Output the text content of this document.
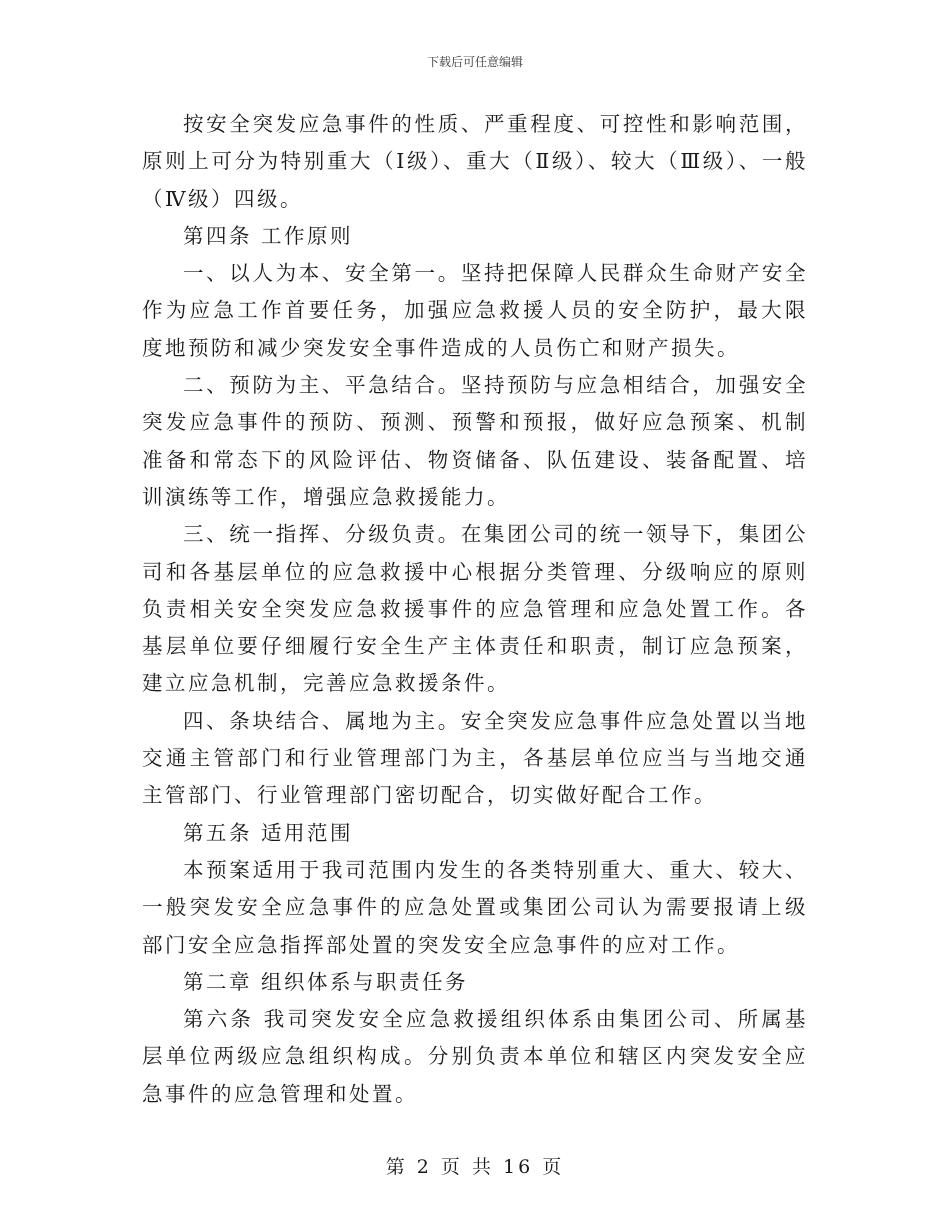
下载后可任意编辑

按安全突发应急事件的性质、严重程度、可控性和影响范围，原则上可分为特别重大（Ⅰ级）、重大（Ⅱ级）、较大（Ⅲ级）、一般（Ⅳ级）四级。

第四条 工作原则

一、以人为本、安全第一。坚持把保障人民群众生命财产安全作为应急工作首要任务，加强应急救援人员的安全防护，最大限度地预防和减少突发安全事件造成的人员伤亡和财产损失。

二、预防为主、平急结合。坚持预防与应急相结合，加强安全突发应急事件的预防、预测、预警和预报，做好应急预案、机制准备和常态下的风险评估、物资储备、队伍建设、装备配置、培训演练等工作，增强应急救援能力。

三、统一指挥、分级负责。在集团公司的统一领导下，集团公司和各基层单位的应急救援中心根据分类管理、分级响应的原则负责相关安全突发应急救援事件的应急管理和应急处置工作。各基层单位要仔细履行安全生产主体责任和职责，制订应急预案，建立应急机制，完善应急救援条件。

四、条块结合、属地为主。安全突发应急事件应急处置以当地交通主管部门和行业管理部门为主，各基层单位应当与当地交通主管部门、行业管理部门密切配合，切实做好配合工作。

第五条 适用范围

本预案适用于我司范围内发生的各类特别重大、重大、较大、一般突发安全应急事件的应急处置或集团公司认为需要报请上级部门安全应急指挥部处置的突发安全应急事件的应对工作。

第二章 组织体系与职责任务

第六条 我司突发安全应急救援组织体系由集团公司、所属基层单位两级应急组织构成。分别负责本单位和辖区内突发安全应急事件的应急管理和处置。

第 2 页 共 16 页
